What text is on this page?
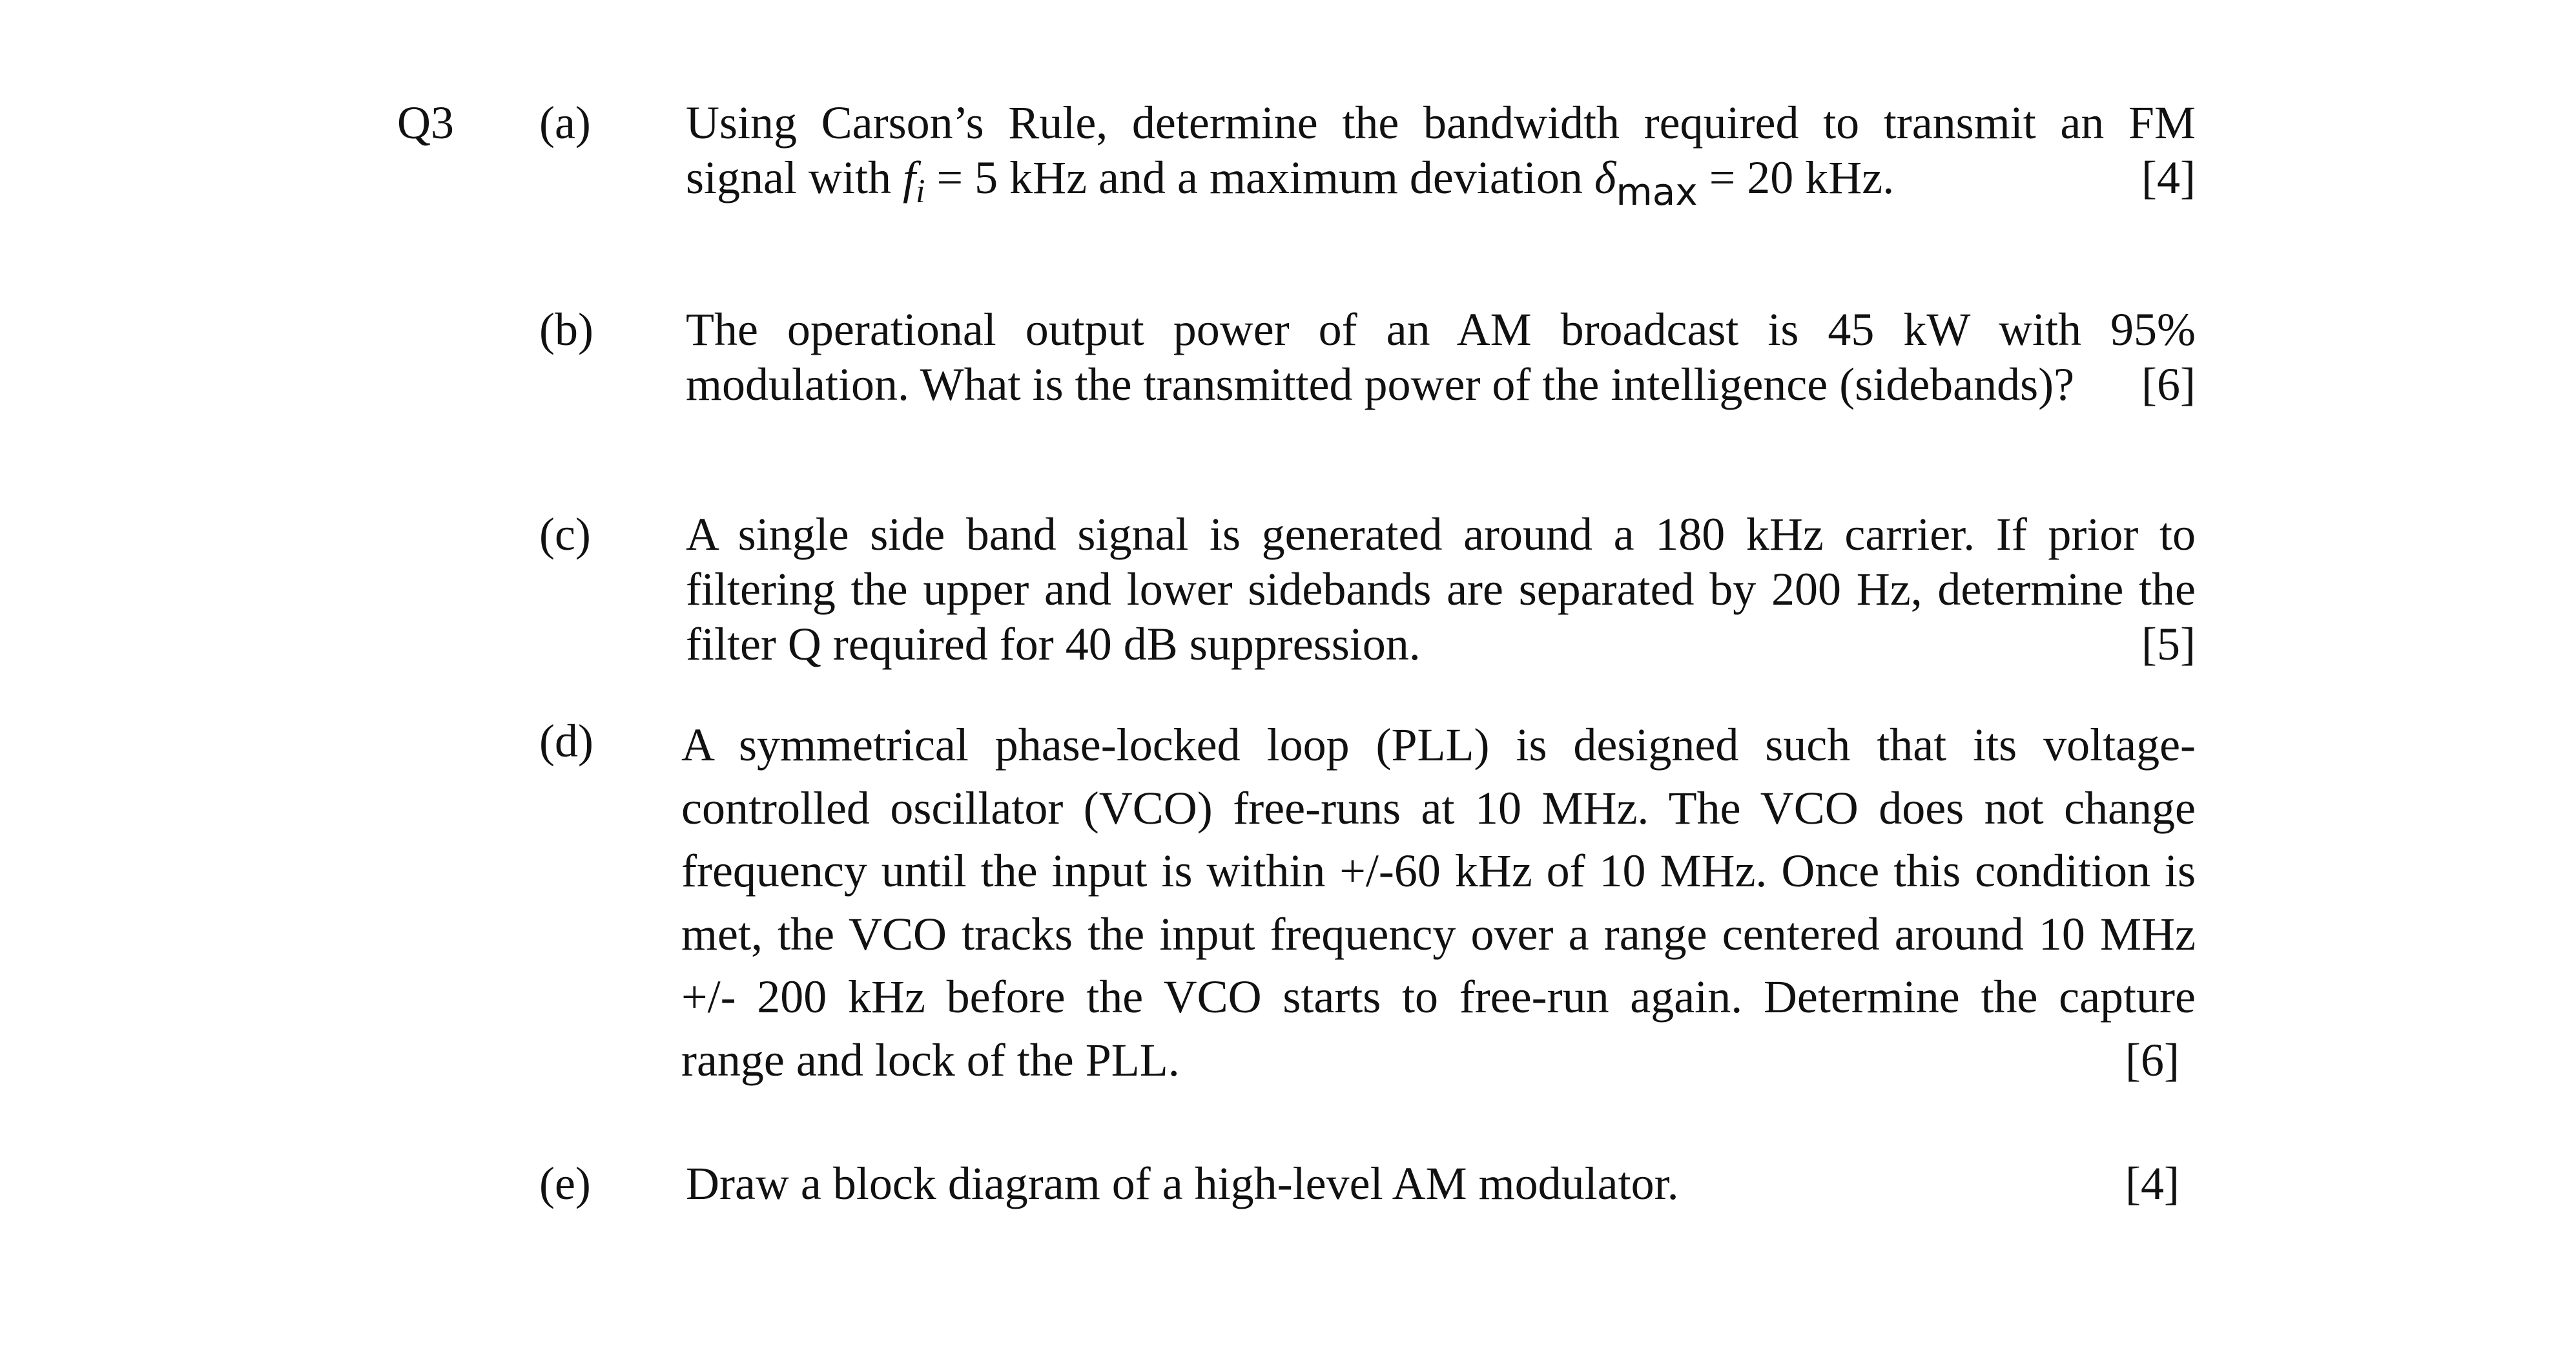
Q3 (a) Using Carson’s Rule, determine the bandwidth required to transmit an FM
signal with $f_i = 5$ kHz and a maximum deviation $\delta_{max} = 20$ kHz.	[4]
(b) The operational output power of an AM broadcast is 45 kW with 95%
modulation. What is the transmitted power of the intelligence (sidebands)? [6]
(c) A single side band signal is generated around a 180 kHz carrier. If prior to
filtering the upper and lower sidebands are separated by 200 Hz, determine the
filter Q required for 40 dB suppression.	[5]
(d) A symmetrical phase-locked loop (PLL) is designed such that its voltage-
controlled oscillator (VCO) free-runs at 10 MHz. The VCO does not change
frequency until the input is within +/-60 kHz of 10 MHz. Once this condition is
met, the VCO tracks the input frequency over a range centered around 10 MHz
+/- 200 kHz before the VCO starts to free-run again. Determine the capture
range and lock of the PLL.	[6]
(e) Draw a block diagram of a high-level AM modulator.	[4]
